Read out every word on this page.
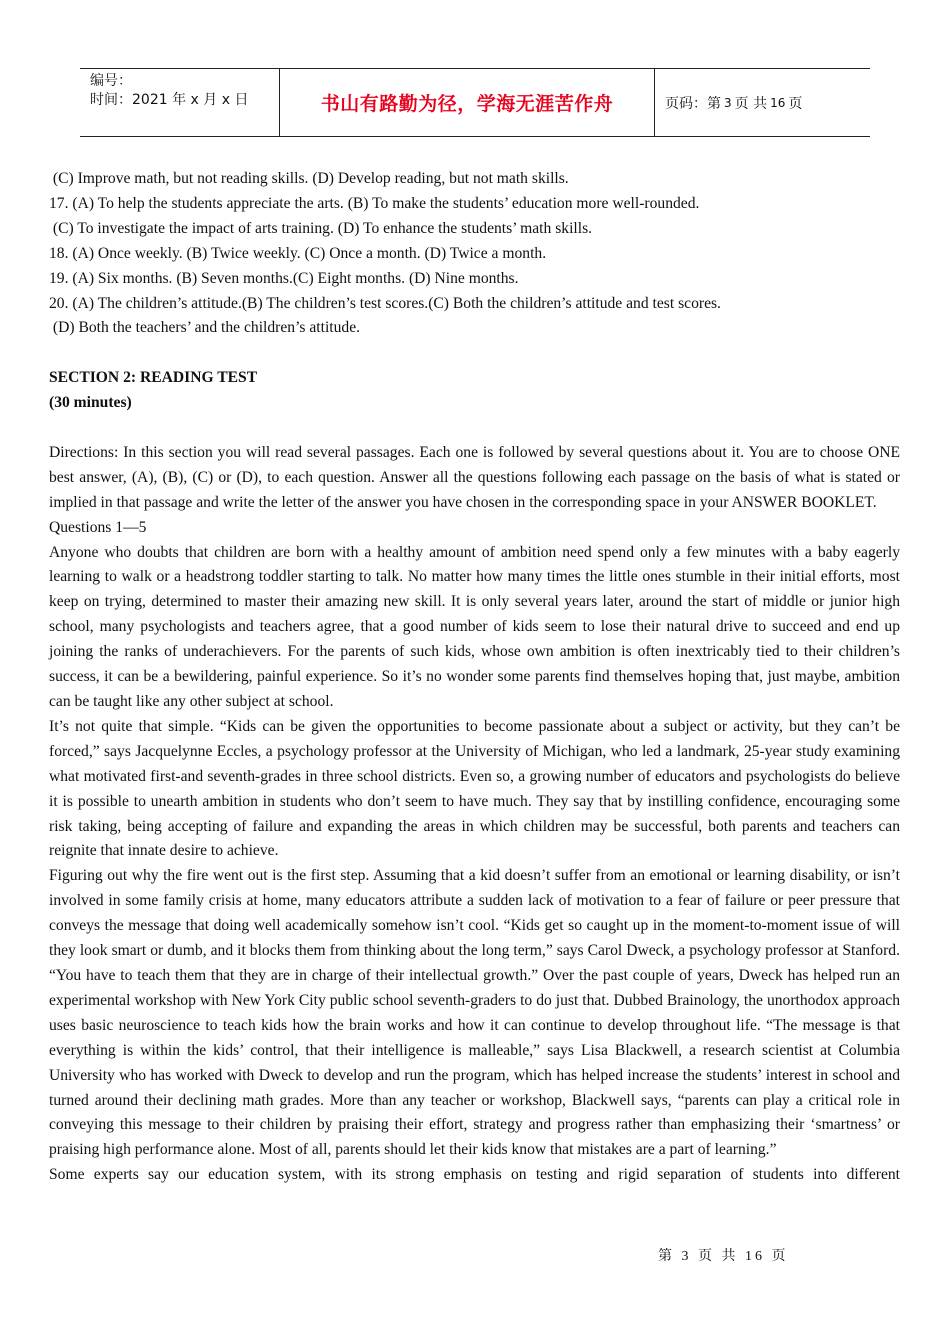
编号：
时间：2021 年 x 月 x 日	书山有路勤为径，学海无涯苦作舟	页码：第 3 页 共 16 页

(C) Improve math, but not reading skills. (D) Develop reading, but not math skills.

17. (A) To help the students appreciate the arts. (B) To make the students’ education more well-rounded.

(C) To investigate the impact of arts training. (D) To enhance the students’ math skills.

18. (A) Once weekly. (B) Twice weekly. (C) Once a month. (D) Twice a month.

19. (A) Six months. (B) Seven months.(C) Eight months. (D) Nine months.

20. (A) The children’s attitude.(B) The children’s test scores.(C) Both the children’s attitude and test scores.

(D) Both the teachers’ and the children’s attitude.

SECTION 2: READING TEST

(30 minutes)

Directions: In this section you will read several passages. Each one is followed by several questions about it. You are to choose ONE best answer, (A), (B), (C) or (D), to each question. Answer all the questions following each passage on the basis of what is stated or implied in that passage and write the letter of the answer you have chosen in the corresponding space in your ANSWER BOOKLET.

Questions 1—5

Anyone who doubts that children are born with a healthy amount of ambition need spend only a few minutes with a baby eagerly learning to walk or a headstrong toddler starting to talk. No matter how many times the little ones stumble in their initial efforts, most keep on trying, determined to master their amazing new skill. It is only several years later, around the start of middle or junior high school, many psychologists and teachers agree, that a good number of kids seem to lose their natural drive to succeed and end up joining the ranks of underachievers. For the parents of such kids, whose own ambition is often inextricably tied to their children’s success, it can be a bewildering, painful experience. So it’s no wonder some parents find themselves hoping that, just maybe, ambition can be taught like any other subject at school.

It’s not quite that simple. “Kids can be given the opportunities to become passionate about a subject or activity, but they can’t be forced,” says Jacquelynne Eccles, a psychology professor at the University of Michigan, who led a landmark, 25-year study examining what motivated first-and seventh-grades in three school districts. Even so, a growing number of educators and psychologists do believe it is possible to unearth ambition in students who don’t seem to have much. They say that by instilling confidence, encouraging some risk taking, being accepting of failure and expanding the areas in which children may be successful, both parents and teachers can reignite that innate desire to achieve.

Figuring out why the fire went out is the first step. Assuming that a kid doesn’t suffer from an emotional or learning disability, or isn’t involved in some family crisis at home, many educators attribute a sudden lack of motivation to a fear of failure or peer pressure that conveys the message that doing well academically somehow isn’t cool. “Kids get so caught up in the moment-to-moment issue of will they look smart or dumb, and it blocks them from thinking about the long term,” says Carol Dweck, a psychology professor at Stanford. “You have to teach them that they are in charge of their intellectual growth.” Over the past couple of years, Dweck has helped run an experimental workshop with New York City public school seventh-graders to do just that. Dubbed Brainology, the unorthodox approach uses basic neuroscience to teach kids how the brain works and how it can continue to develop throughout life. “The message is that everything is within the kids’ control, that their intelligence is malleable,” says Lisa Blackwell, a research scientist at Columbia University who has worked with Dweck to develop and run the program, which has helped increase the students’ interest in school and turned around their declining math grades. More than any teacher or workshop, Blackwell says, “parents can play a critical role in conveying this message to their children by praising their effort, strategy and progress rather than emphasizing their ‘smartness’ or praising high performance alone. Most of all, parents should let their kids know that mistakes are a part of learning.”

Some experts say our education system, with its strong emphasis on testing and rigid separation of students into different

第 3 页 共 16 页
